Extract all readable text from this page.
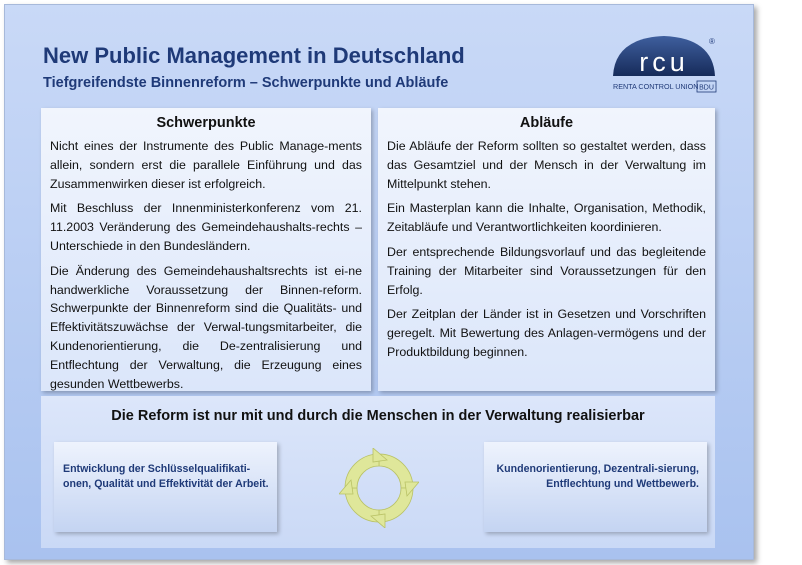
New Public Management in Deutschland
Tiefgreifendste Binnenreform – Schwerpunkte und Abläufe
rcu
®
RENTA CONTROL UNION BDU
Schwerpunkte

Nicht eines der Instrumente des Public Manage-ments allein, sondern erst die parallele Einführung und das Zusammenwirken dieser ist erfolgreich.

Mit Beschluss der Innenministerkonferenz vom 21. 11.2003 Veränderung des Gemeindehaushalts-rechts – Unterschiede in den Bundesländern.

Die Änderung des Gemeindehaushaltsrechts ist ei-ne handwerkliche Voraussetzung der Binnen-reform. Schwerpunkte der Binnenreform sind die Qualitäts- und Effektivitätszuwächse der Verwal-tungsmitarbeiter, die Kundenorientierung, die De-zentralisierung und Entflechtung der Verwaltung, die Erzeugung eines gesunden Wettbewerbs.

Abläufe

Die Abläufe der Reform sollten so gestaltet werden, dass das Gesamtziel und der Mensch in der Verwaltung im Mittelpunkt stehen.

Ein Masterplan kann die Inhalte, Organisation, Methodik, Zeitabläufe und Verantwortlichkeiten koordinieren.

Der entsprechende Bildungsvorlauf und das begleitende Training der Mitarbeiter sind Voraussetzungen für den Erfolg.

Der Zeitplan der Länder ist in Gesetzen und Vorschriften geregelt. Mit Bewertung des Anlagen-vermögens und der Produktbildung beginnen.

Die Reform ist nur mit und durch die Menschen in der Verwaltung realisierbar
Entwicklung der Schlüsselqualifikati-onen, Qualität und Effektivität der Arbeit.
Kundenorientierung, Dezentrali-sierung, Entflechtung und Wettbewerb.
